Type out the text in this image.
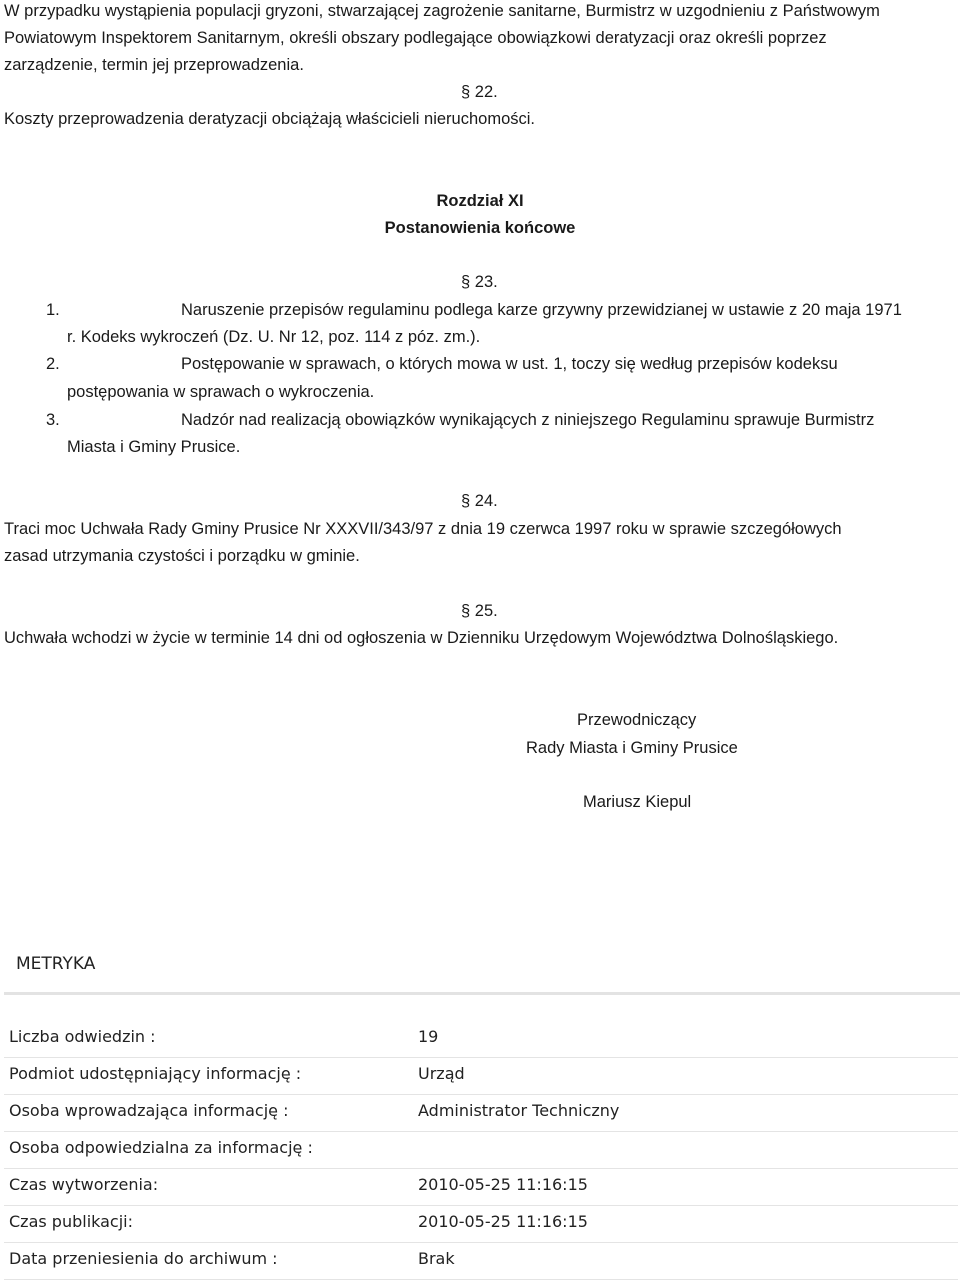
W przypadku wystąpienia populacji gryzoni, stwarzającej zagrożenie sanitarne, Burmistrz w uzgodnieniu z Państwowym
Powiatowym Inspektorem Sanitarnym, określi obszary podlegające obowiązkowi deratyzacji oraz określi poprzez
zarządzenie, termin jej przeprowadzenia.
§ 22.
Koszty przeprowadzenia deratyzacji obciążają właścicieli nieruchomości.
Rozdział XI
Postanowienia końcowe
§ 23.
1.	Naruszenie przepisów regulaminu podlega karze grzywny przewidzianej w ustawie z 20 maja 1971
r. Kodeks wykroczeń (Dz. U. Nr 12, poz. 114 z póz. zm.).
2.	Postępowanie w sprawach, o których mowa w ust. 1, toczy się według przepisów kodeksu
postępowania w sprawach o wykroczenia.
3.	Nadzór nad realizacją obowiązków wynikających z niniejszego Regulaminu sprawuje Burmistrz
Miasta i Gminy Prusice.
§ 24.
Traci moc Uchwała Rady Gminy Prusice Nr XXXVII/343/97 z dnia 19 czerwca 1997 roku w sprawie szczegółowych
zasad utrzymania czystości i porządku w gminie.
§ 25.
Uchwała wchodzi w życie w terminie 14 dni od ogłoszenia w Dzienniku Urzędowym Województwa Dolnośląskiego.
Przewodniczący
Rady Miasta i Gminy Prusice
Mariusz Kiepul
METRYKA
Liczba odwiedzin :	19
Podmiot udostępniający informację :	Urząd
Osoba wprowadzająca informację :	Administrator Techniczny
Osoba odpowiedzialna za informację :
Czas wytworzenia:	2010-05-25 11:16:15
Czas publikacji:	2010-05-25 11:16:15
Data przeniesienia do archiwum :	Brak
